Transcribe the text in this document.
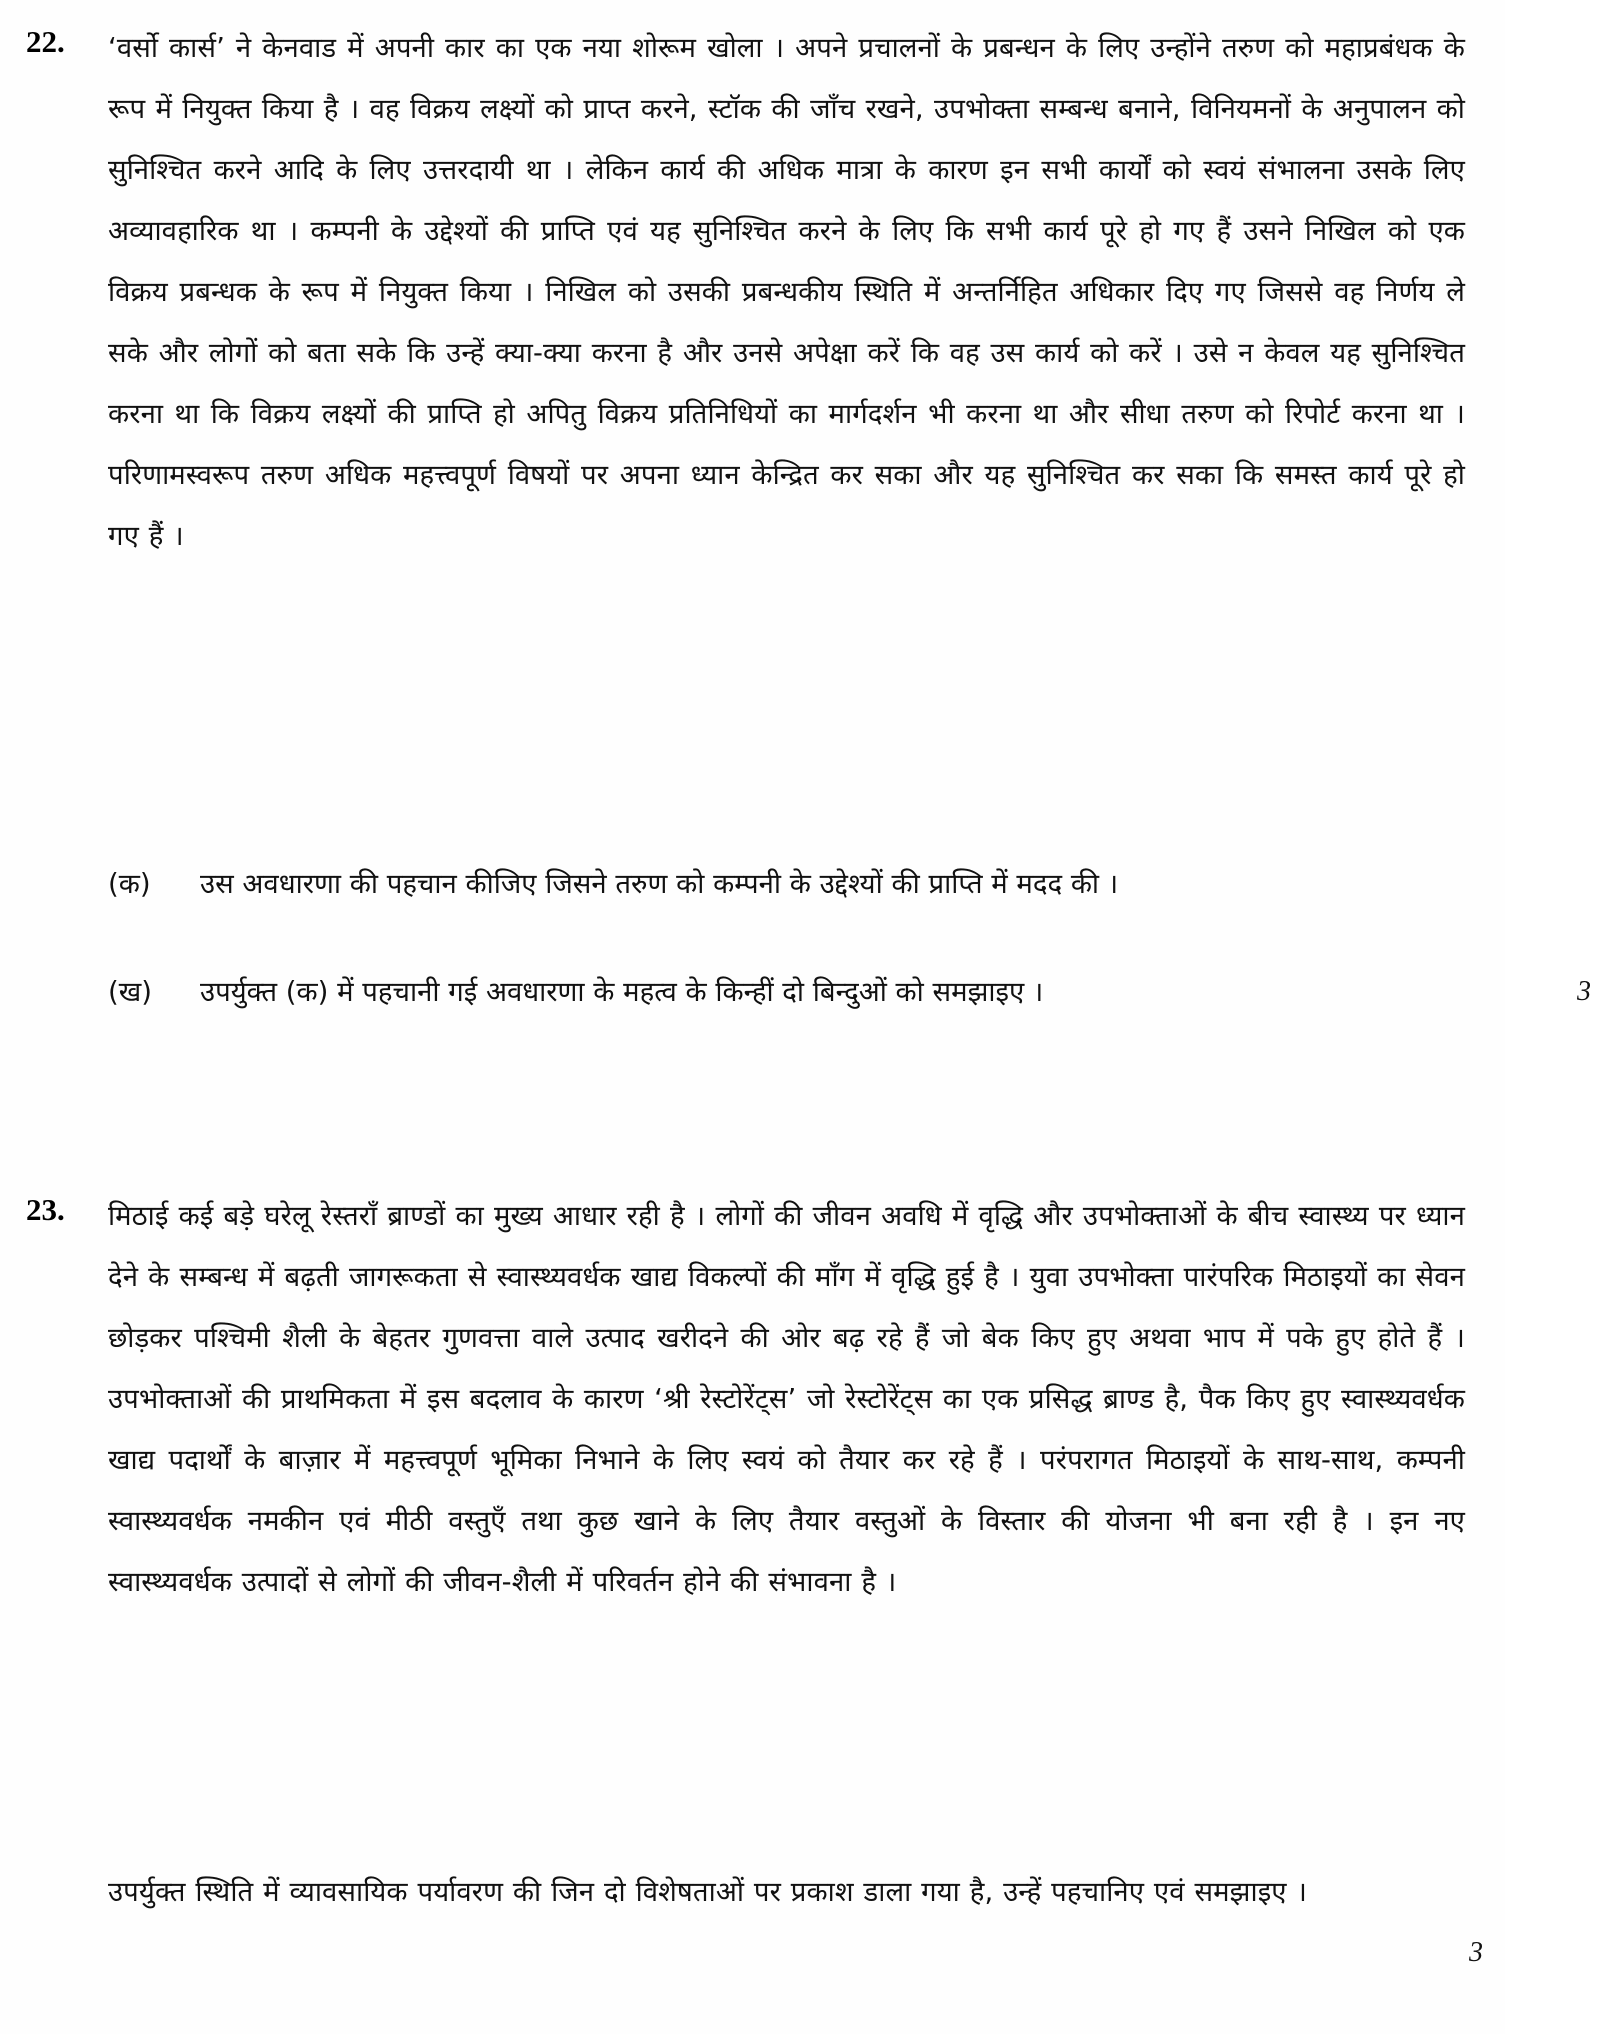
22.	‘वर्सो कार्स’ ने केनवाड में अपनी कार का एक नया शोरूम खोला । अपने प्रचालनों के प्रबन्धन के लिए उन्होंने तरुण को महाप्रबंधक के रूप में नियुक्त किया है । वह विक्रय लक्ष्यों को प्राप्त करने, स्टॉक की जाँच रखने, उपभोक्ता सम्बन्ध बनाने, विनियमनों के अनुपालन को सुनिश्चित करने आदि के लिए उत्तरदायी था । लेकिन कार्य की अधिक मात्रा के कारण इन सभी कार्यों को स्वयं संभालना उसके लिए अव्यावहारिक था । कम्पनी के उद्देश्यों की प्राप्ति एवं यह सुनिश्चित करने के लिए कि सभी कार्य पूरे हो गए हैं उसने निखिल को एक विक्रय प्रबन्धक के रूप में नियुक्त किया । निखिल को उसकी प्रबन्धकीय स्थिति में अन्तर्निहित अधिकार दिए गए जिससे वह निर्णय ले सके और लोगों को बता सके कि उन्हें क्या-क्या करना है और उनसे अपेक्षा करें कि वह उस कार्य को करें । उसे न केवल यह सुनिश्चित करना था कि विक्रय लक्ष्यों की प्राप्ति हो अपितु विक्रय प्रतिनिधियों का मार्गदर्शन भी करना था और सीधा तरुण को रिपोर्ट करना था । परिणामस्वरूप तरुण अधिक महत्त्वपूर्ण विषयों पर अपना ध्यान केन्द्रित कर सका और यह सुनिश्चित कर सका कि समस्त कार्य पूरे हो गए हैं ।

(क)	उस अवधारणा की पहचान कीजिए जिसने तरुण को कम्पनी के उद्देश्यों की प्राप्ति में मदद की ।
(ख)	उपर्युक्त (क) में पहचानी गई अवधारणा के महत्व के किन्हीं दो बिन्दुओं को समझाइए ।	3
23.	मिठाई कई बड़े घरेलू रेस्तराँ ब्राण्डों का मुख्य आधार रही है । लोगों की जीवन अवधि में वृद्धि और उपभोक्ताओं के बीच स्वास्थ्य पर ध्यान देने के सम्बन्ध में बढ़ती जागरूकता से स्वास्थ्यवर्धक खाद्य विकल्पों की माँग में वृद्धि हुई है । युवा उपभोक्ता पारंपरिक मिठाइयों का सेवन छोड़कर पश्चिमी शैली के बेहतर गुणवत्ता वाले उत्पाद खरीदने की ओर बढ़ रहे हैं जो बेक किए हुए अथवा भाप में पके हुए होते हैं । उपभोक्ताओं की प्राथमिकता में इस बदलाव के कारण ‘श्री रेस्टोरेंट्स’ जो रेस्टोरेंट्स का एक प्रसिद्ध ब्राण्ड है, पैक किए हुए स्वास्थ्यवर्धक खाद्य पदार्थों के बाज़ार में महत्त्वपूर्ण भूमिका निभाने के लिए स्वयं को तैयार कर रहे हैं । परंपरागत मिठाइयों के साथ-साथ, कम्पनी स्वास्थ्यवर्धक नमकीन एवं मीठी वस्तुएँ तथा कुछ खाने के लिए तैयार वस्तुओं के विस्तार की योजना भी बना रही है । इन नए स्वास्थ्यवर्धक उत्पादों से लोगों की जीवन-शैली में परिवर्तन होने की संभावना है ।

उपर्युक्त स्थिति में व्यावसायिक पर्यावरण की जिन दो विशेषताओं पर प्रकाश डाला गया है, उन्हें पहचानिए एवं समझाइए ।

3
